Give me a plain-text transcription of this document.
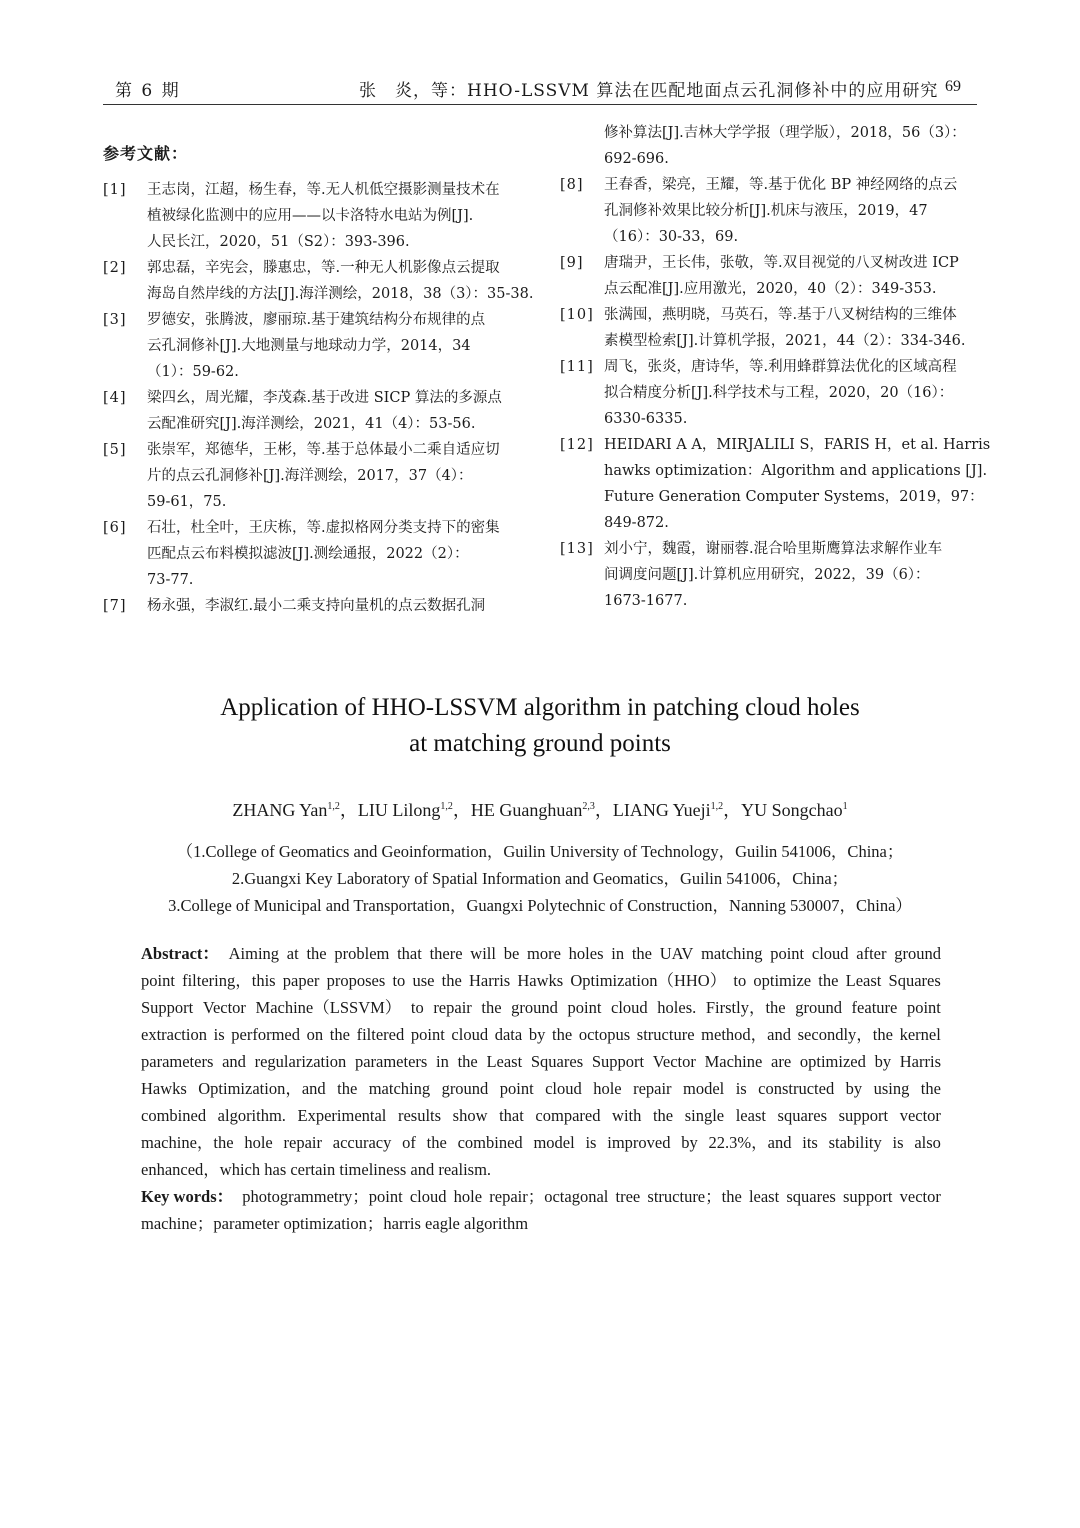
第 6 期	张　炎，等：HHO-LSSVM 算法在匹配地面点云孔洞修补中的应用研究 69
参考文献：
[1] 王志岗，江超，杨生春，等.无人机低空摄影测量技术在
植被绿化监测中的应用——以卡洛特水电站为例[J].
人民长江，2020，51（S2）：393-396.
[2] 郭忠磊，辛宪会，滕惠忠，等.一种无人机影像点云提取
海岛自然岸线的方法[J].海洋测绘，2018，38（3）：35-38.
[3] 罗德安，张腾波，廖丽琼.基于建筑结构分布规律的点
云孔洞修补[J].大地测量与地球动力学，2014，34
（1）：59-62.
[4] 梁四幺，周光耀，李茂森.基于改进 SICP 算法的多源点
云配准研究[J].海洋测绘，2021，41（4）：53-56.
[5] 张崇军，郑德华，王彬，等.基于总体最小二乘自适应切
片的点云孔洞修补[J].海洋测绘，2017，37（4）：
59-61，75.
[6] 石壮，杜全叶，王庆栋，等.虚拟格网分类支持下的密集
匹配点云布料模拟滤波[J].测绘通报，2022（2）：
73-77.
[7] 杨永强，李淑红.最小二乘支持向量机的点云数据孔洞
修补算法[J].吉林大学学报（理学版），2018，56（3）：
692-696.
[8] 王春香，梁亮，王耀，等.基于优化 BP 神经网络的点云
孔洞修补效果比较分析[J].机床与液压，2019，47
（16）：30-33，69.
[9] 唐瑞尹，王长伟，张敬，等.双目视觉的八叉树改进 ICP
点云配准[J].应用激光，2020，40（2）：349-353.
[10] 张满囤，燕明晓，马英石，等.基于八叉树结构的三维体
素模型检索[J].计算机学报，2021，44（2）：334-346.
[11] 周飞，张炎，唐诗华，等.利用蜂群算法优化的区域高程
拟合精度分析[J].科学技术与工程，2020，20（16）：
6330-6335.
[12] HEIDARI A A，MIRJALILI S，FARIS H，et al. Harris
hawks optimization：Algorithm and applications [J].
Future Generation Computer Systems，2019，97：
849-872.
[13] 刘小宁，魏霞，谢丽蓉.混合哈里斯鹰算法求解作业车
间调度问题[J].计算机应用研究，2022，39（6）：
1673-1677.
Application of HHO-LSSVM algorithm in patching cloud holes
at matching ground points
ZHANG Yan$^{1,2}$，LIU Lilong$^{1,2}$，HE Guanghuan$^{2,3}$，LIANG Yueji$^{1,2}$，YU Songchao$^1$
（1.College of Geomatics and Geoinformation，Guilin University of Technology，Guilin 541006，China；
2.Guangxi Key Laboratory of Spatial Information and Geomatics，Guilin 541006，China；
3.College of Municipal and Transportation，Guangxi Polytechnic of Construction，Nanning 530007，China）
Abstract： Aiming at the problem that there will be more holes in the UAV matching point cloud after ground
point filtering，this paper proposes to use the Harris Hawks Optimization（HHO） to optimize the Least Squares
Support Vector Machine（LSSVM） to repair the ground point cloud holes. Firstly，the ground feature point
extraction is performed on the filtered point cloud data by the octopus structure method，and secondly，the kernel
parameters and regularization parameters in the Least Squares Support Vector Machine are optimized by Harris
Hawks Optimization，and the matching ground point cloud hole repair model is constructed by using the
combined algorithm. Experimental results show that compared with the single least squares support vector
machine，the hole repair accuracy of the combined model is improved by 22.3%，and its stability is also
enhanced，which has certain timeliness and realism.
Key words： photogrammetry；point cloud hole repair；octagonal tree structure；the least squares support vector
machine；parameter optimization；harris eagle algorithm
